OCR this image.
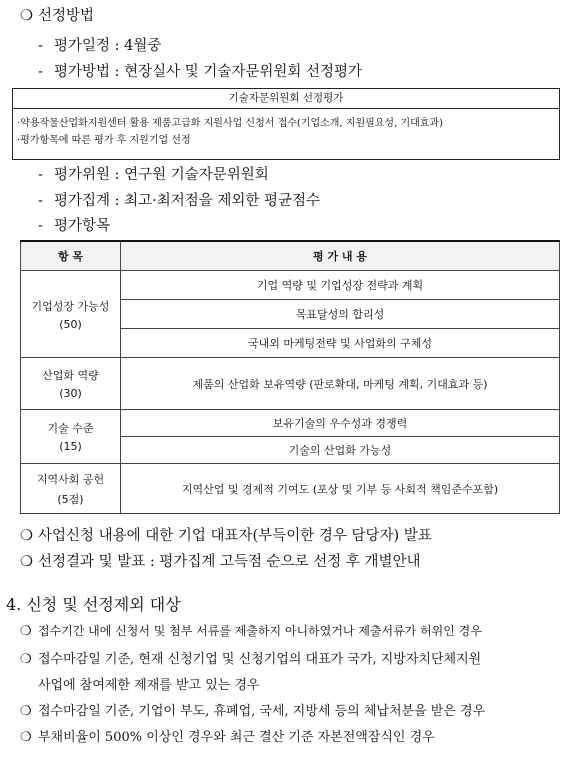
❍ 선정방법
- 평가일정 : 4월중
- 평가방법 : 현장실사 및 기술자문위원회 선정평가
기술자문위원회 선정평가
·약용작물산업화지원센터 활용 제품고급화 지원사업 신청서 접수(기업소개, 지원필요성, 기대효과)
·평가항목에 따른 평가 후 지원기업 선정
- 평가위원 : 연구원 기술자문위원회
- 평가집계 : 최고·최저점을 제외한 평균점수
- 평가항목
항 목	평 가 내 용

기업성장 가능성
(50)	기업 역량 및 기업성장 전략과 계획
	목표달성의 합리성
	국내외 마케팅전략 및 사업화의 구체성

산업화 역량
(30)	제품의 산업화 보유역량 (판로확대, 마케팅 계획, 기대효과 등)

기술 수준
(15)	보유기술의 우수성과 경쟁력
	기술의 산업화 가능성

지역사회 공헌
(5점)	지역산업 및 경제적 기여도 (포상 및 기부 등 사회적 책임준수포함)
❍ 사업신청 내용에 대한 기업 대표자(부득이한 경우 담당자) 발표
❍ 선정결과 및 발표 : 평가집계 고득점 순으로 선정 후 개별안내
4. 신청 및 선정제외 대상
❍ 접수기간 내에 신청서 및 첨부 서류를 제출하지 아니하였거나 제출서류가 허위인 경우
❍ 접수마감일 기준, 현재 신청기업 및 신청기업의 대표가 국가, 지방자치단체지원
사업에 참여제한 제재를 받고 있는 경우
❍ 접수마감일 기준, 기업이 부도, 휴폐업, 국세, 지방세 등의 체납처분을 받은 경우
❍ 부채비율이 500% 이상인 경우와 최근 결산 기준 자본전액잠식인 경우
